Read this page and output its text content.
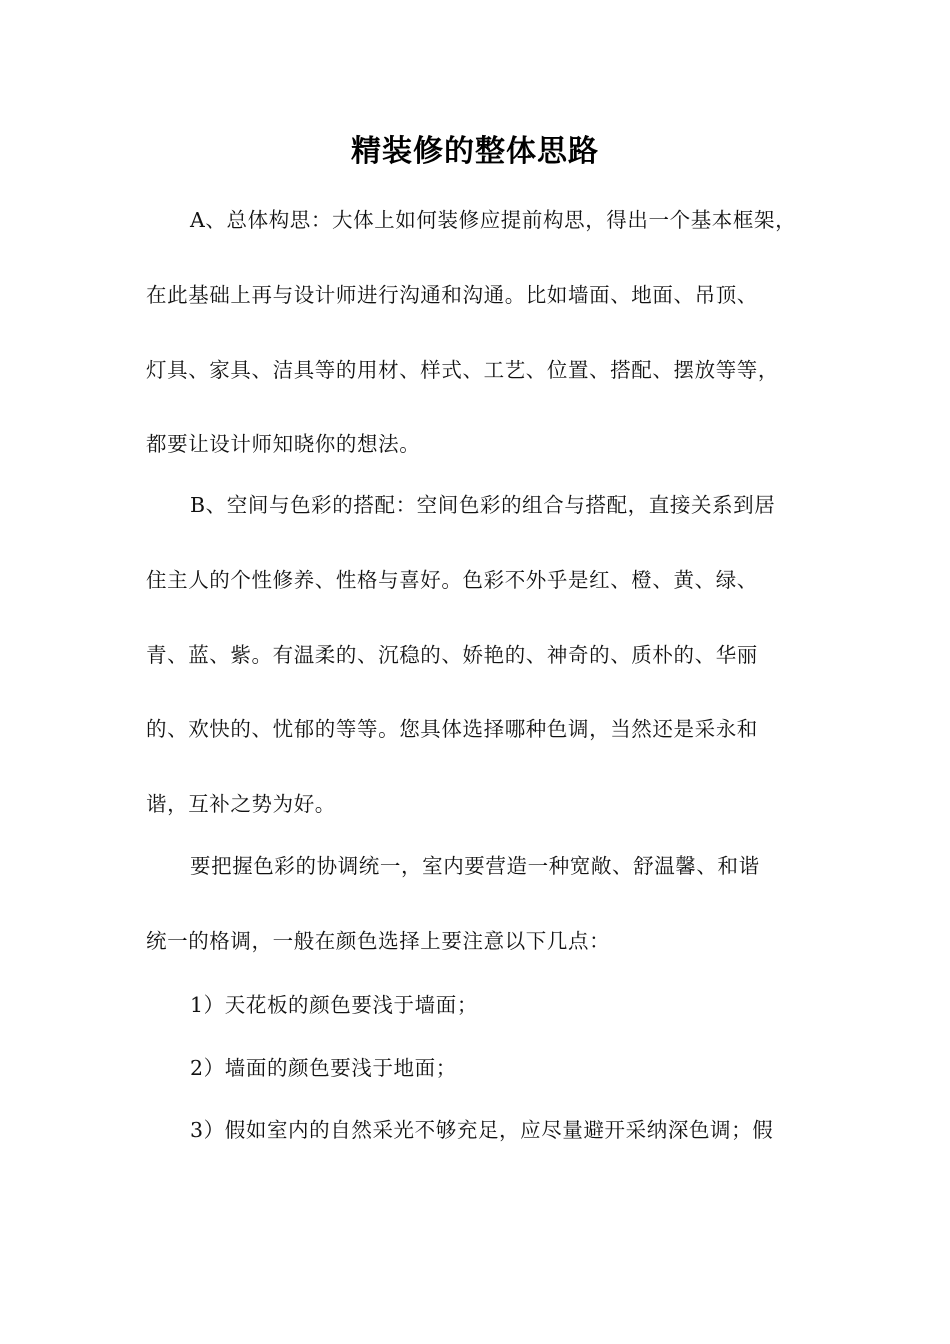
精装修的整体思路
A、总体构思：大体上如何装修应提前构思，得出一个基本框架，
在此基础上再与设计师进行沟通和沟通。比如墙面、地面、吊顶、
灯具、家具、洁具等的用材、样式、工艺、位置、搭配、摆放等等，
都要让设计师知晓你的想法。
B、空间与色彩的搭配：空间色彩的组合与搭配，直接关系到居
住主人的个性修养、性格与喜好。色彩不外乎是红、橙、黄、绿、
青、蓝、紫。有温柔的、沉稳的、娇艳的、神奇的、质朴的、华丽
的、欢快的、忧郁的等等。您具体选择哪种色调，当然还是采永和
谐，互补之势为好。
要把握色彩的协调统一，室内要营造一种宽敞、舒温馨、和谐
统一的格调，一般在颜色选择上要注意以下几点：
1）天花板的颜色要浅于墙面；
2）墙面的颜色要浅于地面；
3）假如室内的自然采光不够充足，应尽量避开采纳深色调；假
